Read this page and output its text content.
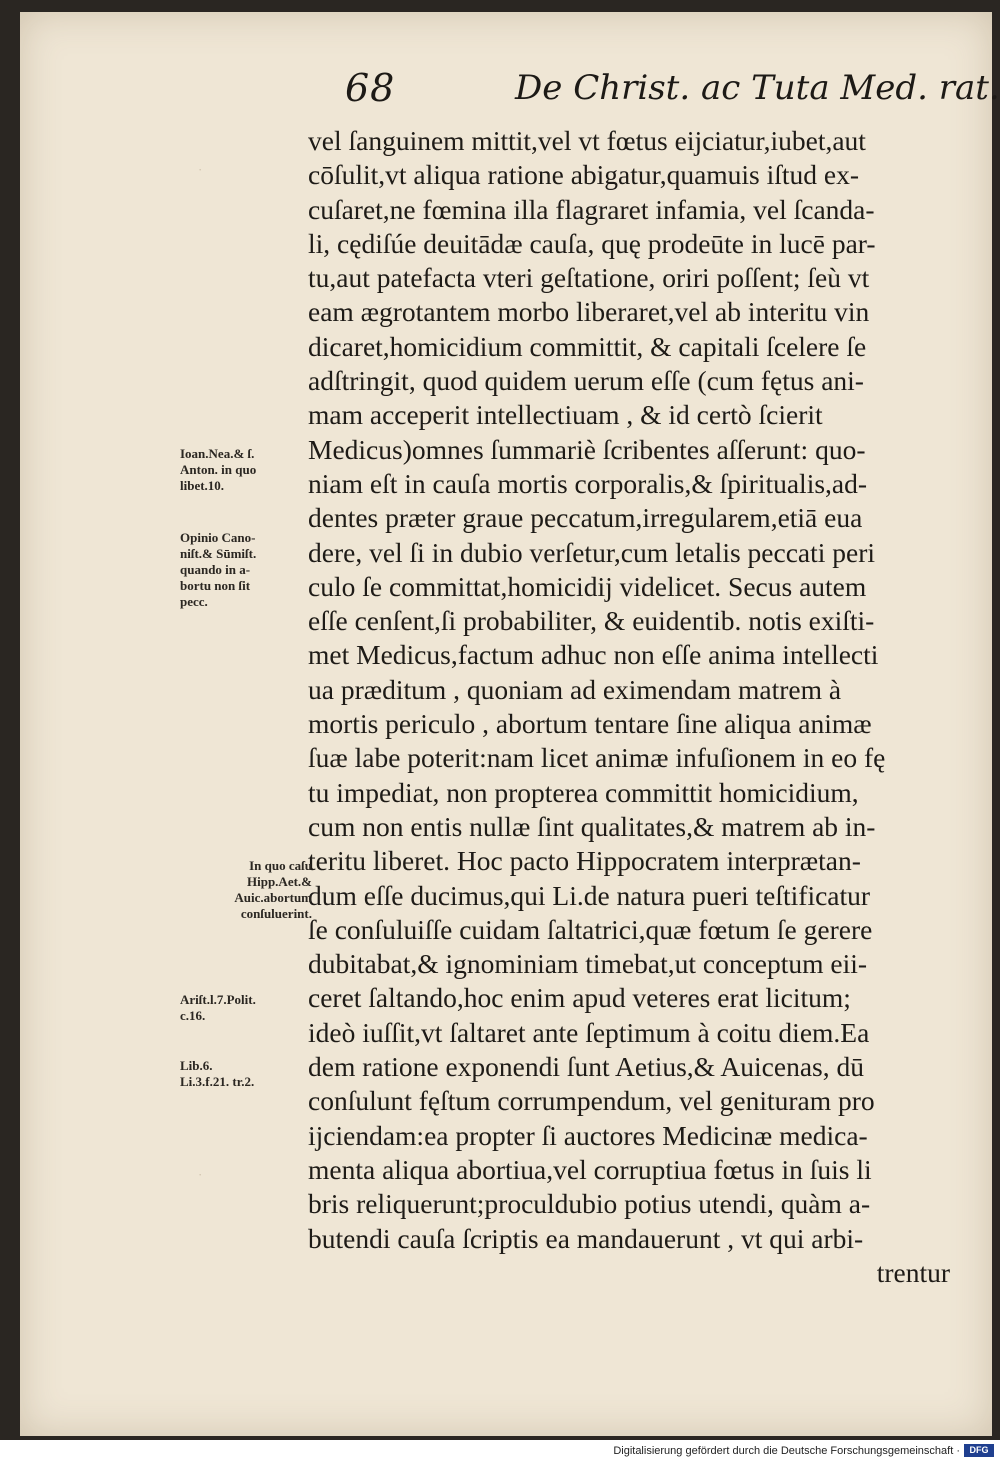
·
·
68	De Christ. ac Tuta Med. rat.
vel ſanguinem mittit,vel vt fœtus eijciatur,iubet,aut
cōſulit,vt aliqua ratione abigatur,quamuis iſtud ex-
cuſaret,ne fœmina illa flagraret infamia, vel ſcanda-
li, cędiſúe deuitādæ cauſa, quę prodeūte in lucē par-
tu,aut patefacta vteri geſtatione, oriri poſſent; ſeù vt
eam ægrotantem morbo liberaret,vel ab interitu vin
dicaret,homicidium committit, & capitali ſcelere ſe
adſtringit, quod quidem uerum eſſe (cum fętus ani-
mam acceperit intellectiuam , & id certò ſcierit
Medicus)omnes ſummariè ſcribentes aſſerunt: quo-
niam eſt in cauſa mortis corporalis,& ſpiritualis,ad-
dentes præter graue peccatum,irregularem,etiā eua
dere, vel ſi in dubio verſetur,cum letalis peccati peri
culo ſe committat,homicidij videlicet. Secus autem
eſſe cenſent,ſi probabiliter, & euidentib. notis exiſti-
met Medicus,factum adhuc non eſſe anima intellecti
ua præditum , quoniam ad eximendam matrem à
mortis periculo , abortum tentare ſine aliqua animæ
ſuæ labe poterit:nam licet animæ infuſionem in eo fę
tu impediat, non propterea committit homicidium,
cum non entis nullæ ſint qualitates,& matrem ab in-
teritu liberet. Hoc pacto Hippocratem interprætan-
dum eſſe ducimus,qui Li.de natura pueri teſtificatur
ſe conſuluiſſe cuidam ſaltatrici,quæ fœtum ſe gerere
dubitabat,& ignominiam timebat,ut conceptum eii-
ceret ſaltando,hoc enim apud veteres erat licitum;
ideò iuſſit,vt ſaltaret ante ſeptimum à coitu diem.Ea
dem ratione exponendi ſunt Aetius,& Auicenas, dū
conſulunt fęſtum corrumpendum, vel genituram pro
ijciendam:ea propter ſi auctores Medicinæ medica-
menta aliqua abortiua,vel corruptiua fœtus in ſuis li
bris reliquerunt;proculdubio potius utendi, quàm a-
butendi cauſa ſcriptis ea mandauerunt , vt qui arbi-
trentur
Ioan.Nea.& ſ.
Anton. in quo
libet.10.
Opinio Cano-
niſt.& Sūmiſt.
quando in a-
bortu non ſit
pecc.
In quo caſu
Hipp.Aet.&
Auic.abortum
conſuluerint.
Ariſt.l.7.Polit.
c.16.
Lib.6.
Li.3.f.21. tr.2.
Digitalisierung gefördert durch die Deutsche Forschungsgemeinschaft ·	DFG
